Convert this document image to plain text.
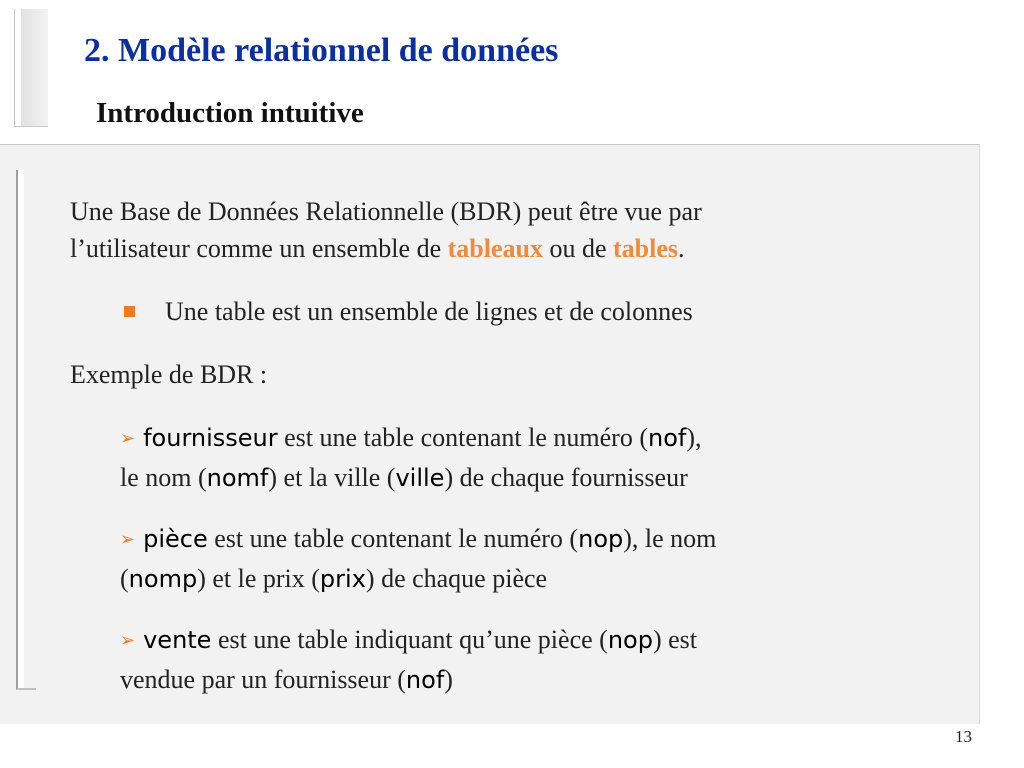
2. Modèle relationnel de données
Introduction intuitive

Une Base de Données Relationnelle (BDR) peut être vue par
l’utilisateur comme un ensemble de tableaux ou de tables.

Une table est un ensemble de lignes et de colonnes

Exemple de BDR :

➢ fournisseur est une table contenant le numéro (nof),
le nom (nomf) et la ville (ville) de chaque fournisseur

➢ pièce est une table contenant le numéro (nop), le nom
(nomp) et le prix (prix) de chaque pièce

➢ vente est une table indiquant qu’une pièce (nop) est
vendue par un fournisseur (nof)

13
